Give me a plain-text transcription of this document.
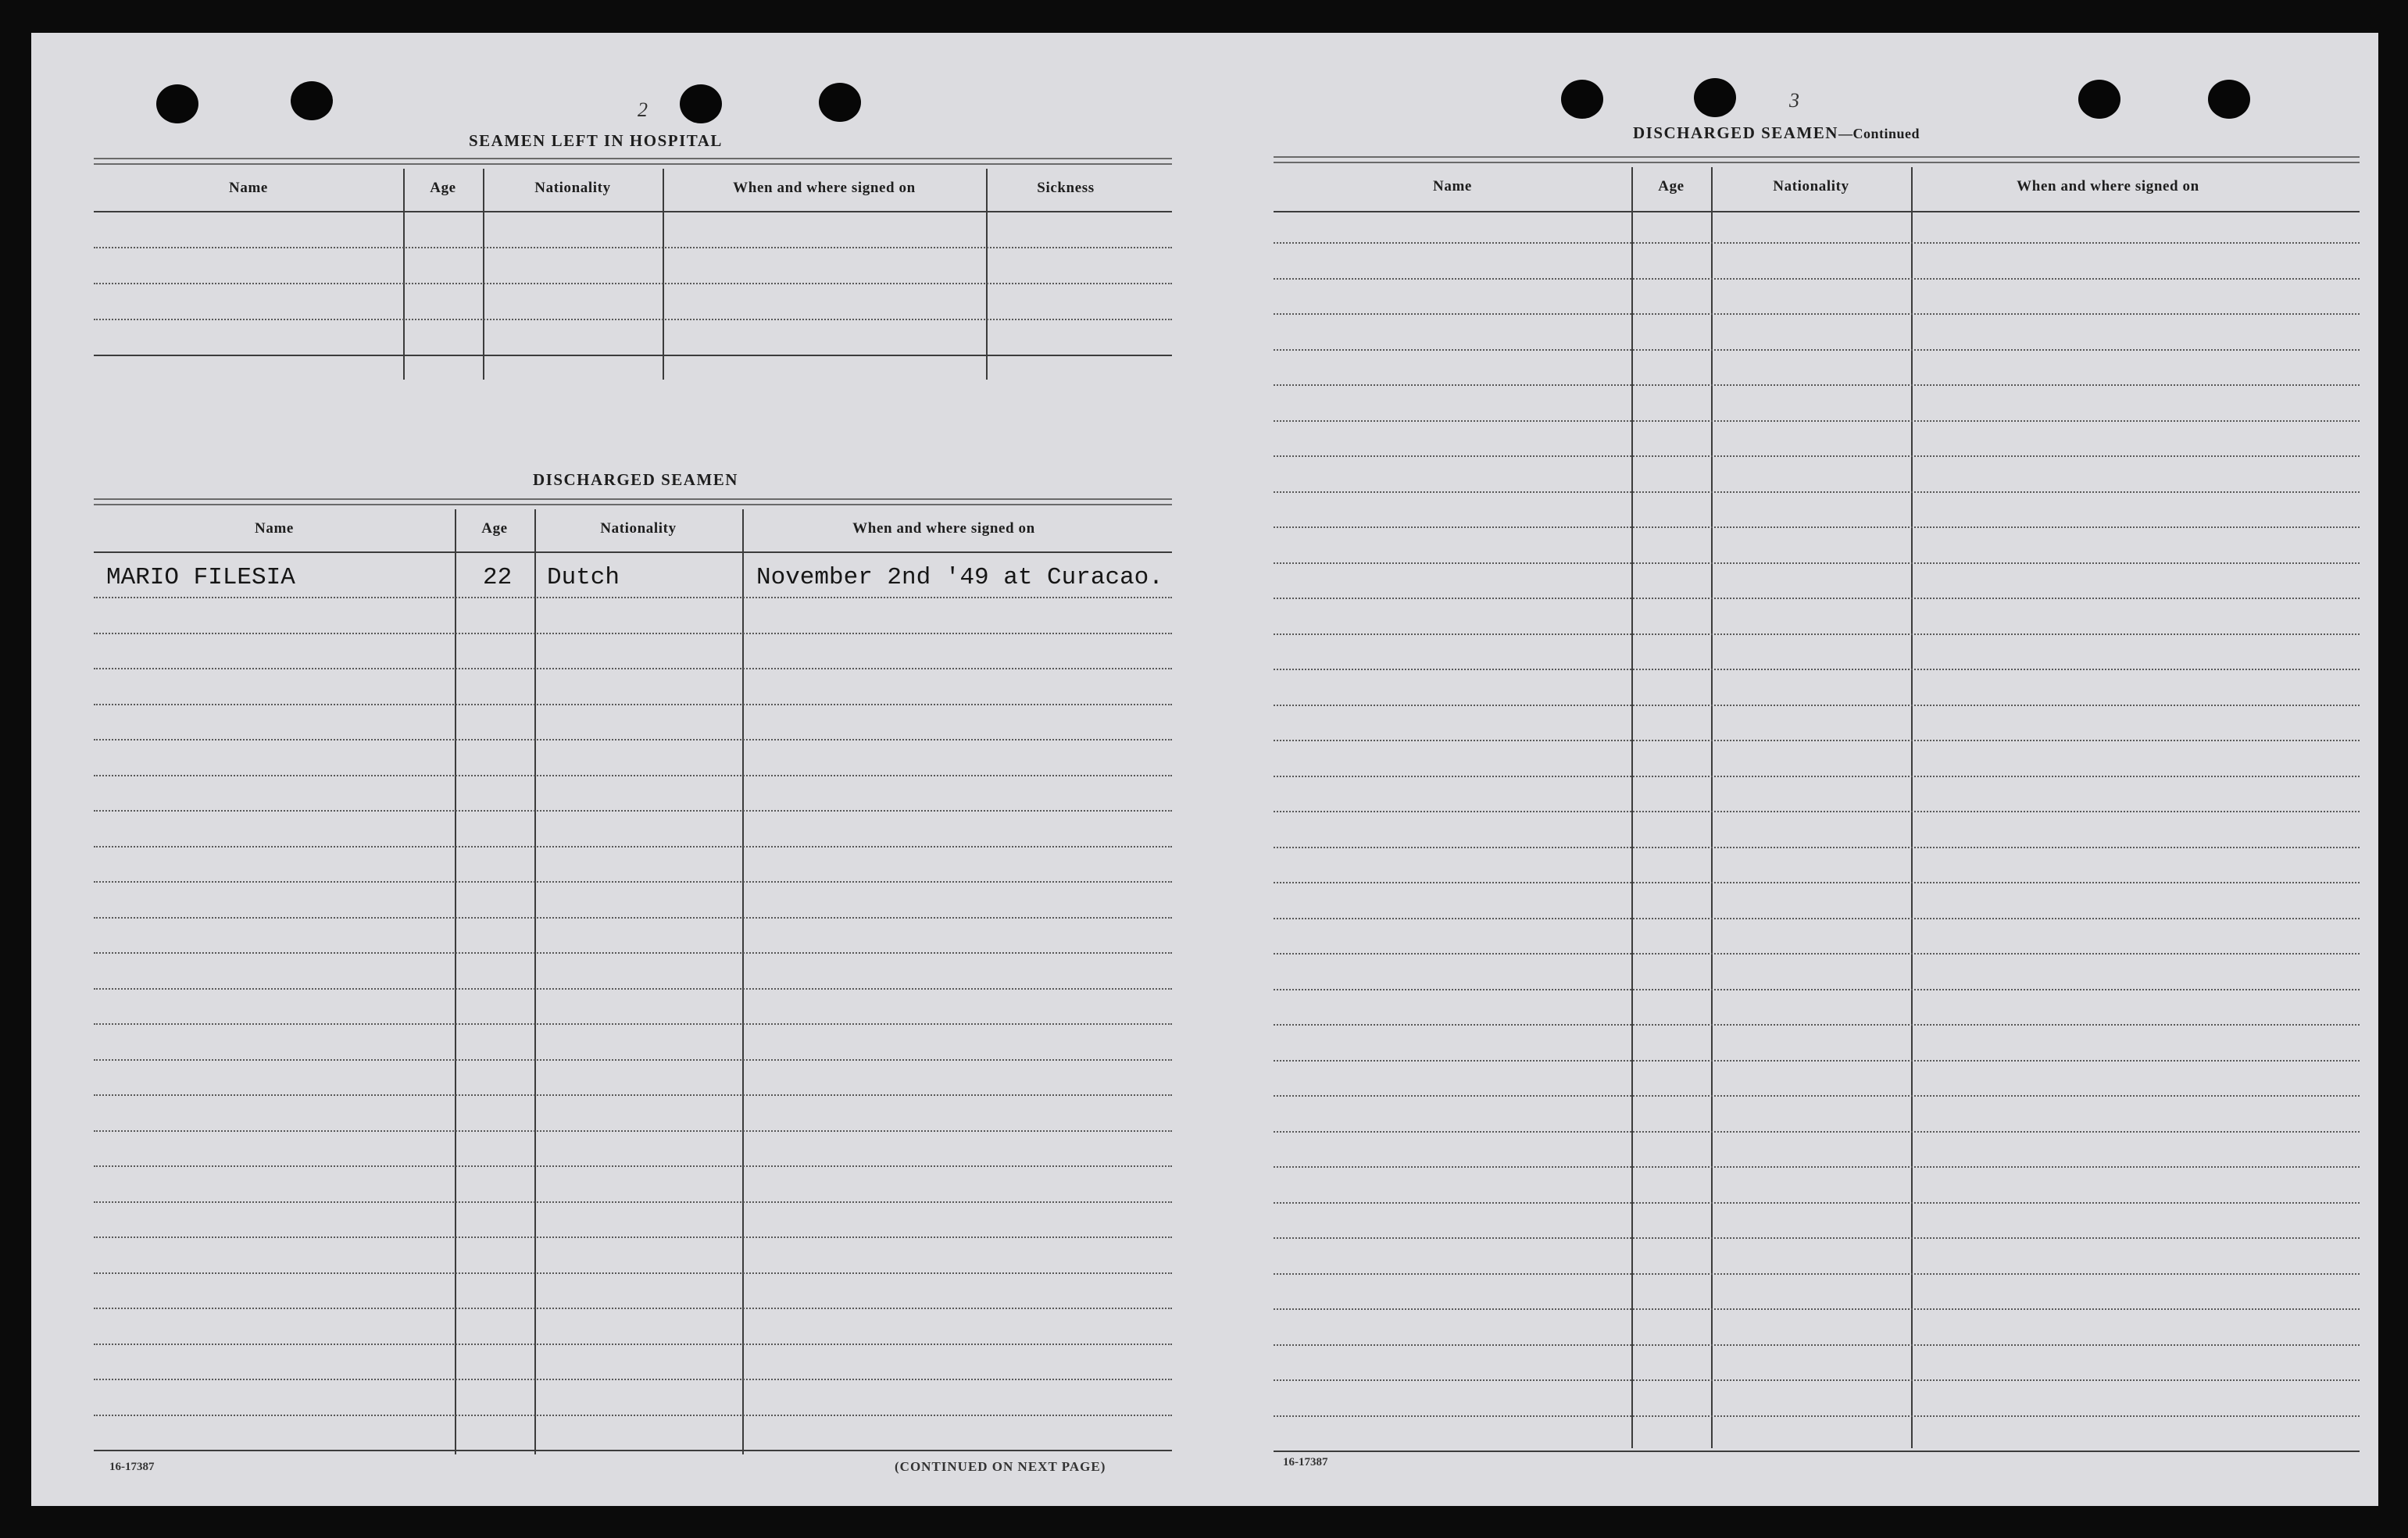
2
SEAMEN LEFT IN HOSPITAL
Name	Age	Nationality	When and where signed on	Sickness
DISCHARGED SEAMEN
Name	Age	Nationality	When and where signed on
MARIO FILESIA	22 Dutch	November 2nd '49 at Curacao.
16-17387	(CONTINUED ON NEXT PAGE)
3
DISCHARGED SEAMEN—Continued
Name	Age	Nationality	When and where signed on
16-17387
